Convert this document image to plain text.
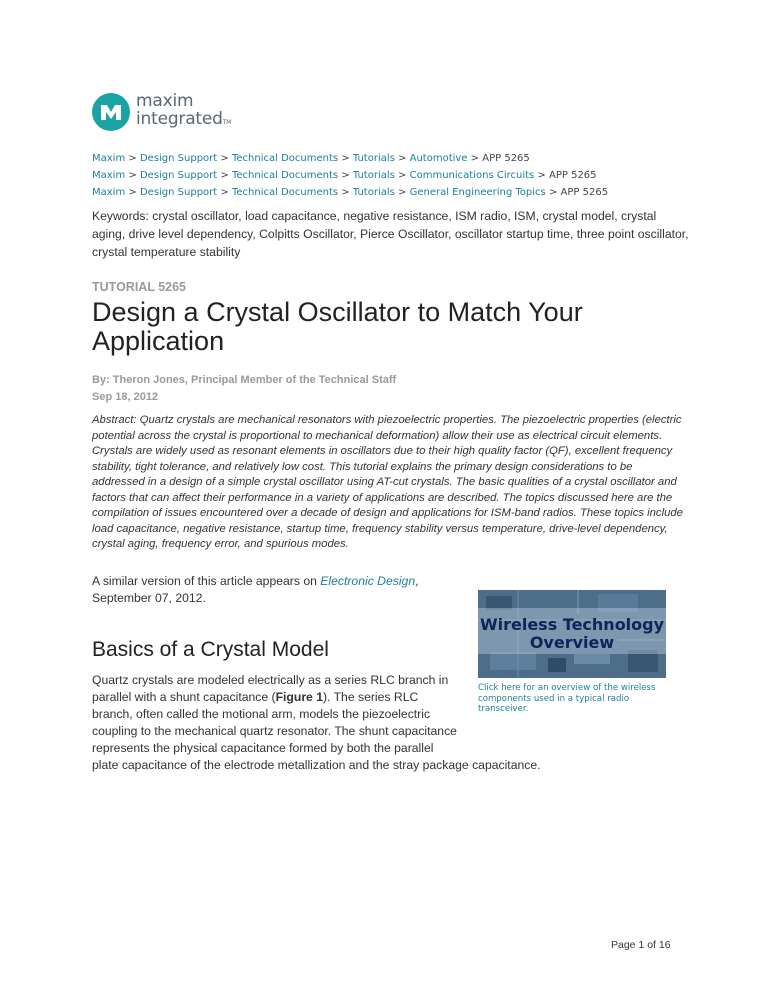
maxim
integratedTM
Maxim > Design Support > Technical Documents > Tutorials > Automotive > APP 5265
Maxim > Design Support > Technical Documents > Tutorials > Communications Circuits > APP 5265
Maxim > Design Support > Technical Documents > Tutorials > General Engineering Topics > APP 5265
Keywords: crystal oscillator, load capacitance, negative resistance, ISM radio, ISM, crystal model, crystal aging, drive level dependency, Colpitts Oscillator, Pierce Oscillator, oscillator startup time, three point oscillator, crystal temperature stability
TUTORIAL 5265
Design a Crystal Oscillator to Match Your Application
By: Theron Jones, Principal Member of the Technical Staff
Sep 18, 2012

Abstract: Quartz crystals are mechanical resonators with piezoelectric properties. The piezoelectric properties (electric potential across the crystal is proportional to mechanical deformation) allow their use as electrical circuit elements. Crystals are widely used as resonant elements in oscillators due to their high quality factor (QF), excellent frequency stability, tight tolerance, and relatively low cost. This tutorial explains the primary design considerations to be addressed in a design of a simple crystal oscillator using AT-cut crystals. The basic qualities of a crystal oscillator and factors that can affect their performance in a variety of applications are described. The topics discussed here are the compilation of issues encountered over a decade of design and applications for ISM-band radios. These topics include load capacitance, negative resistance, startup time, frequency stability versus temperature, drive-level dependency, crystal aging, frequency error, and spurious modes.

A similar version of this article appears on Electronic Design,
September 07, 2012.
Basics of a Crystal Model
Wireless Technology
Overview
Click here for an overview of the wireless components used in a typical radio transceiver.
Quartz crystals are modeled electrically as a series RLC branch in
parallel with a shunt capacitance (Figure 1). The series RLC
branch, often called the motional arm, models the piezoelectric
coupling to the mechanical quartz resonator. The shunt capacitance
represents the physical capacitance formed by both the parallel
plate capacitance of the electrode metallization and the stray package capacitance.
Page 1 of 16
